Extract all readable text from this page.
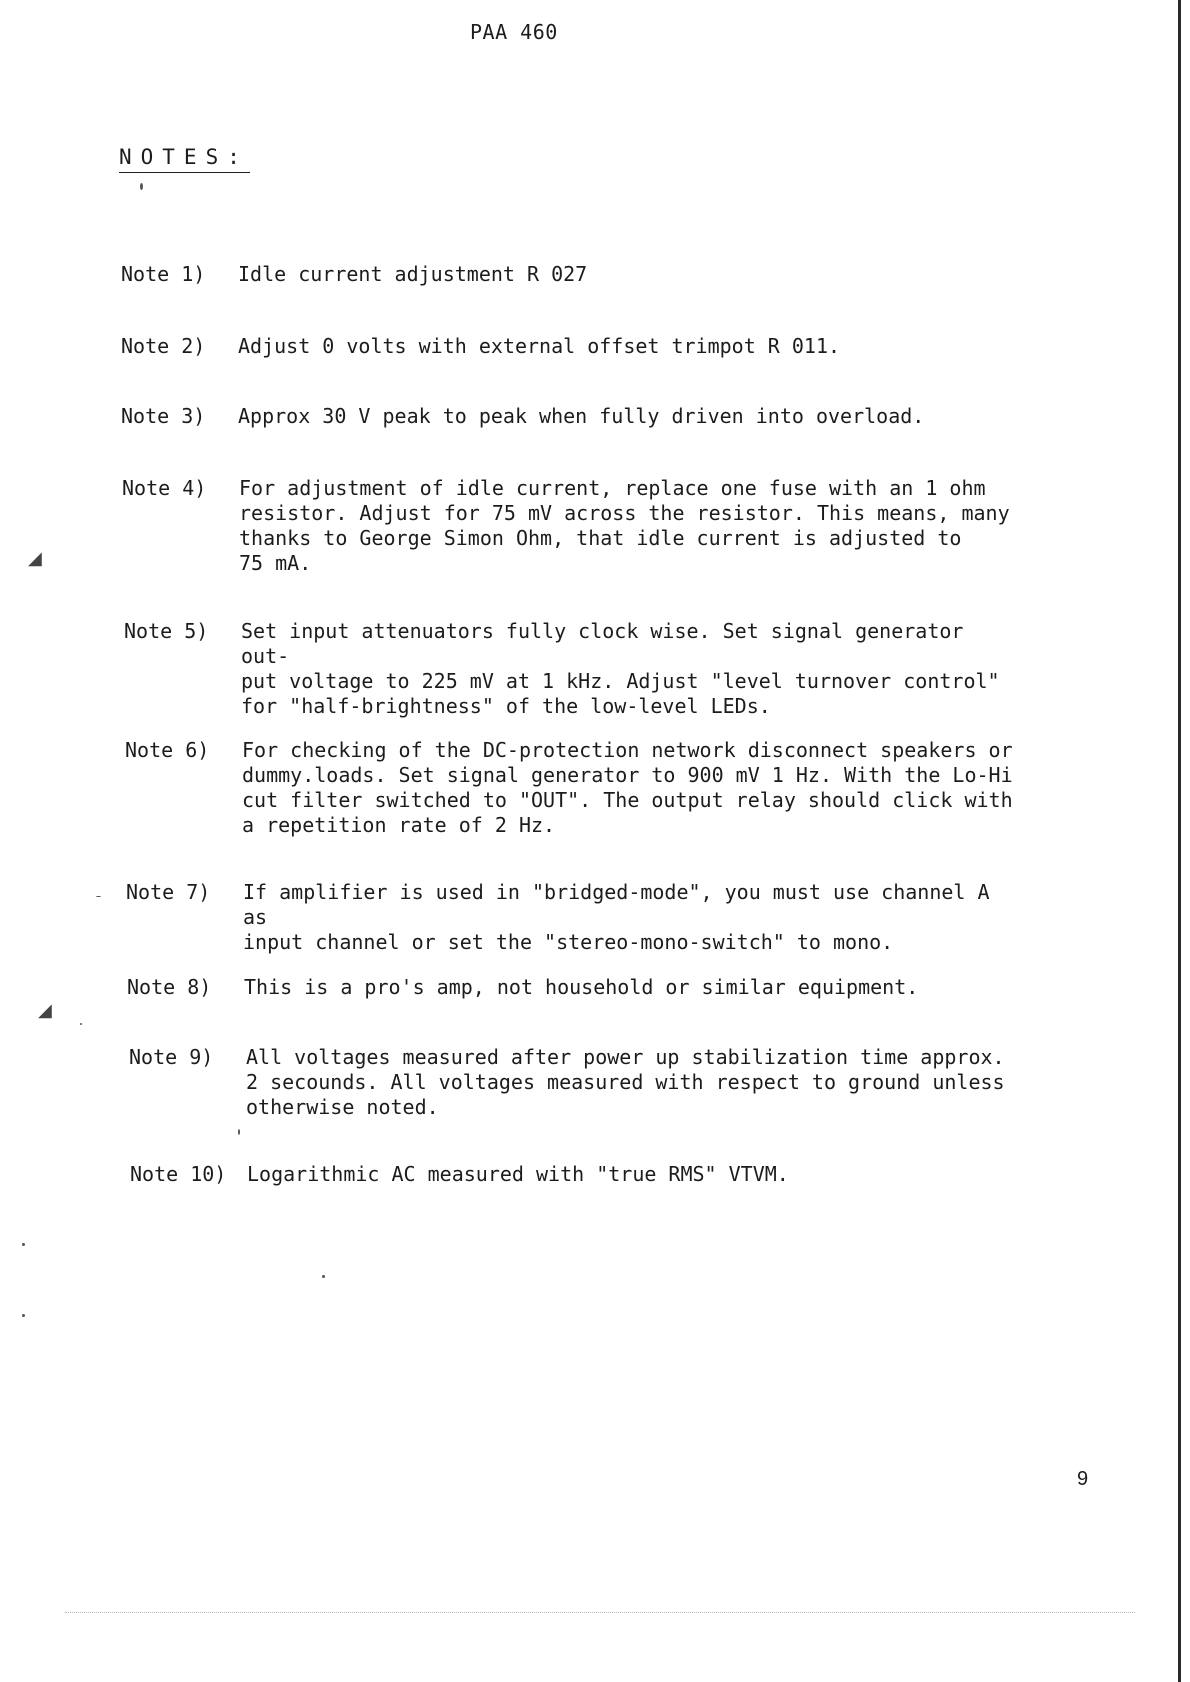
PAA 460
NOTES:
Note 1)	Idle current adjustment R 027
Note 2)	Adjust 0 volts with external offset trimpot R 011.
Note 3)	Approx 30 V peak to peak when fully driven into overload.
Note 4)	For adjustment of idle current, replace one fuse with an 1 ohm
resistor. Adjust for 75 mV across the resistor. This means, many
thanks to George Simon Ohm, that idle current is adjusted to
75 mA.
Note 5)	Set input attenuators fully clock wise. Set signal generator out-
put voltage to 225 mV at 1 kHz. Adjust "level turnover control"
for "half-brightness" of the low-level LEDs.
Note 6)	For checking of the DC-protection network disconnect speakers or
dummy.loads. Set signal generator to 900 mV 1 Hz. With the Lo-Hi
cut filter switched to "OUT". The output relay should click with
a repetition rate of 2 Hz.
Note 7)	If amplifier is used in "bridged-mode", you must use channel A as
input channel or set the "stereo-mono-switch" to mono.
Note 8)	This is a pro's amp, not household or similar equipment.
Note 9)	All voltages measured after power up stabilization time approx.
2 secounds. All voltages measured with respect to ground unless
otherwise noted.
Note 10)	Logarithmic AC measured with "true RMS" VTVM.
9
◢
◢
